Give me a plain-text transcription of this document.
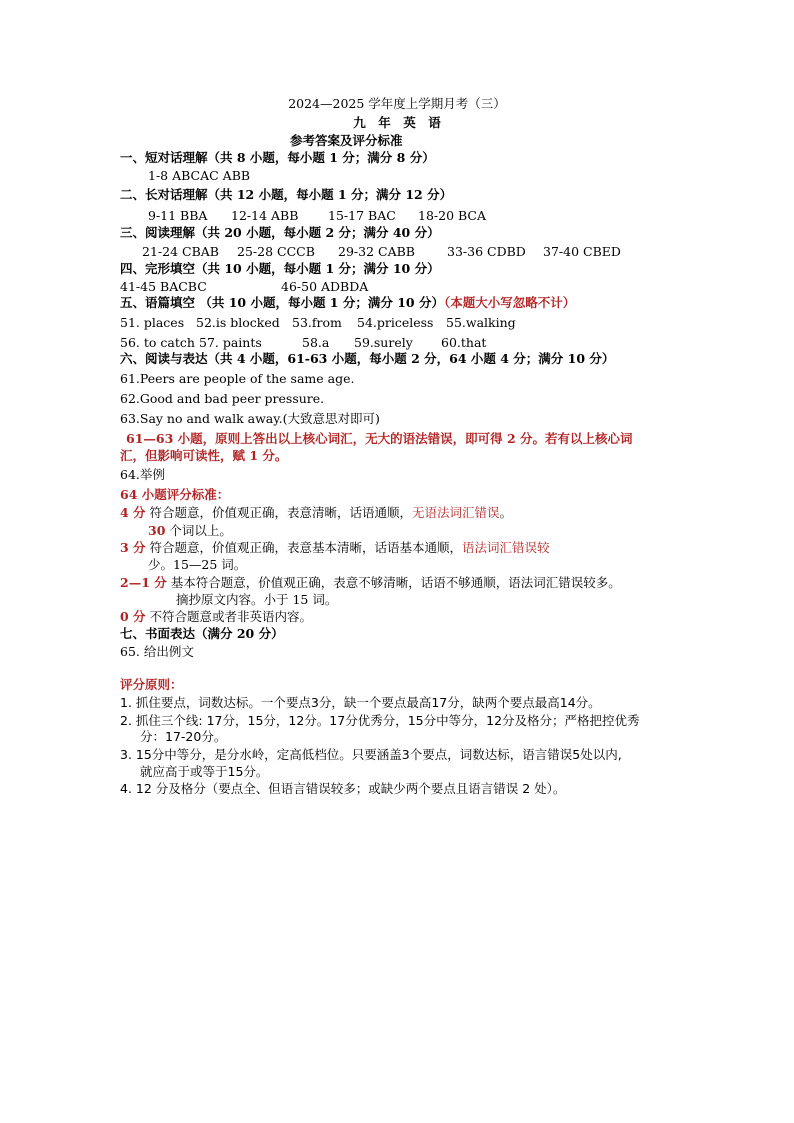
2024—2025 学年度上学期月考（三）
九　年　英　语
参考答案及评分标准
一、短对话理解（共 8 小题，每小题 1 分；满分 8 分）
1-8 ABCAC ABB
二、长对话理解（共 12 小题，每小题 1 分；满分 12 分）
9-11 BBA 12-14 ABB 15-17 BAC 18-20 BCA
三、阅读理解（共 20 小题，每小题 2 分；满分 40 分）
21-24 CBAB 25-28 CCCB 29-32 CABB	33-36 CDBD 37-40 CBED
四、完形填空（共 10 小题，每小题 1 分；满分 10 分）
41-45 BACBC	46-50 ADBDA
五、语篇填空 （共 10 小题，每小题 1 分；满分 10 分）（本题大小写忽略不计）
51. places 52.is blocked 53.from 54.priceless 55.walking
56. to catch 57. paints	58.a 59.surely 60.that
六、阅读与表达（共 4 小题，61-63 小题，每小题 2 分，64 小题 4 分；满分 10 分）
61.Peers are people of the same age.
62.Good and bad peer pressure.
63.Say no and walk away.(大致意思对即可)
61—63 小题，原则上答出以上核心词汇，无大的语法错误，即可得 2 分。若有以上核心词
汇，但影响可读性，赋 1 分。
64.举例
64 小题评分标准：
4 分 符合题意，价值观正确，表意清晰，话语通顺，无语法词汇错误。
30 个词以上。
3 分 符合题意，价值观正确，表意基本清晰，话语基本通顺，语法词汇错误较
少。15—25 词。
2—1 分 基本符合题意，价值观正确，表意不够清晰，话语不够通顺，语法词汇错误较多。
摘抄原文内容。小于 15 词。
0 分 不符合题意或者非英语内容。
七、书面表达（满分 20 分）
65. 给出例文
评分原则：
1. 抓住要点，词数达标。一个要点3分，缺一个要点最高17分，缺两个要点最高14分。
2. 抓住三个线: 17分，15分，12分。17分优秀分，15分中等分，12分及格分；严格把控优秀
分：17-20分。
3. 15分中等分，是分水岭，定高低档位。只要涵盖3个要点，词数达标，语言错误5处以内,
就应高于或等于15分。
4. 12 分及格分（要点全、但语言错误较多；或缺少两个要点且语言错误 2 处）。
